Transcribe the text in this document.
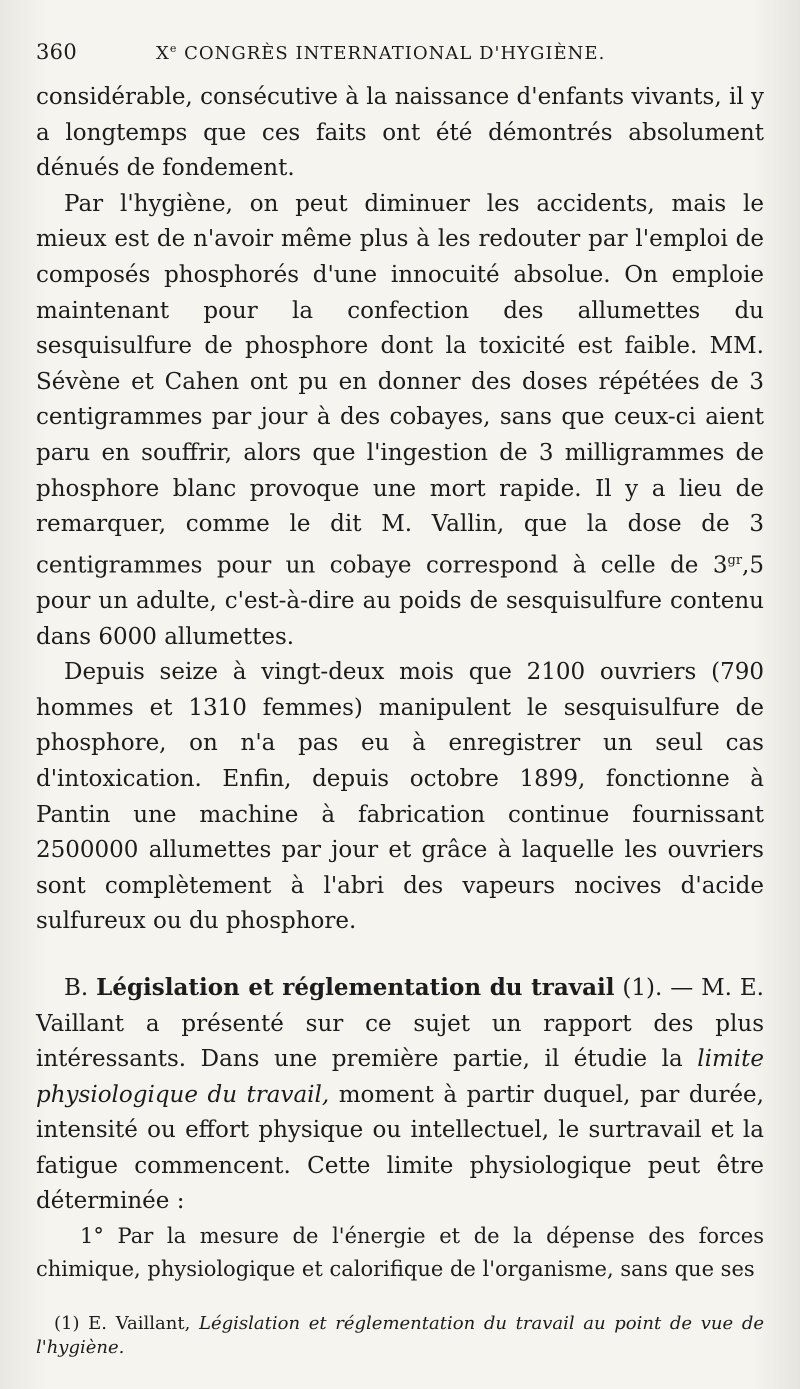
360	Xe CONGRÈS INTERNATIONAL D'HYGIÈNE.

considérable, consécutive à la naissance d'enfants vivants, il y a longtemps que ces faits ont été démontrés absolument dénués de fondement.

Par l'hygiène, on peut diminuer les accidents, mais le mieux est de n'avoir même plus à les redouter par l'emploi de composés phosphorés d'une innocuité absolue. On emploie maintenant pour la confection des allumettes du sesquisulfure de phosphore dont la toxicité est faible. MM. Sévène et Cahen ont pu en donner des doses répétées de 3 centigrammes par jour à des cobayes, sans que ceux-ci aient paru en souffrir, alors que l'ingestion de 3 milligrammes de phosphore blanc provoque une mort rapide. Il y a lieu de remarquer, comme le dit M. Vallin, que la dose de 3 centigrammes pour un cobaye correspond à celle de $3^{gr},5$ pour un adulte, c'est-à-dire au poids de sesquisulfure contenu dans 6000 allumettes.

Depuis seize à vingt-deux mois que 2100 ouvriers (790 hommes et 1310 femmes) manipulent le sesquisulfure de phosphore, on n'a pas eu à enregistrer un seul cas d'intoxication. Enfin, depuis octobre 1899, fonctionne à Pantin une machine à fabrication continue fournissant 2500000 allumettes par jour et grâce à laquelle les ouvriers sont complètement à l'abri des vapeurs nocives d'acide sulfureux ou du phosphore.

B. Législation et réglementation du travail (1). — M. E. Vaillant a présenté sur ce sujet un rapport des plus intéressants. Dans une première partie, il étudie la limite physiologique du travail, moment à partir duquel, par durée, intensité ou effort physique ou intellectuel, le surtravail et la fatigue commencent. Cette limite physiologique peut être déterminée :

1° Par la mesure de l'énergie et de la dépense des forces chimique, physiologique et calorifique de l'organisme, sans que ses

(1) E. Vaillant, Législation et réglementation du travail au point de vue de l'hygiène.
